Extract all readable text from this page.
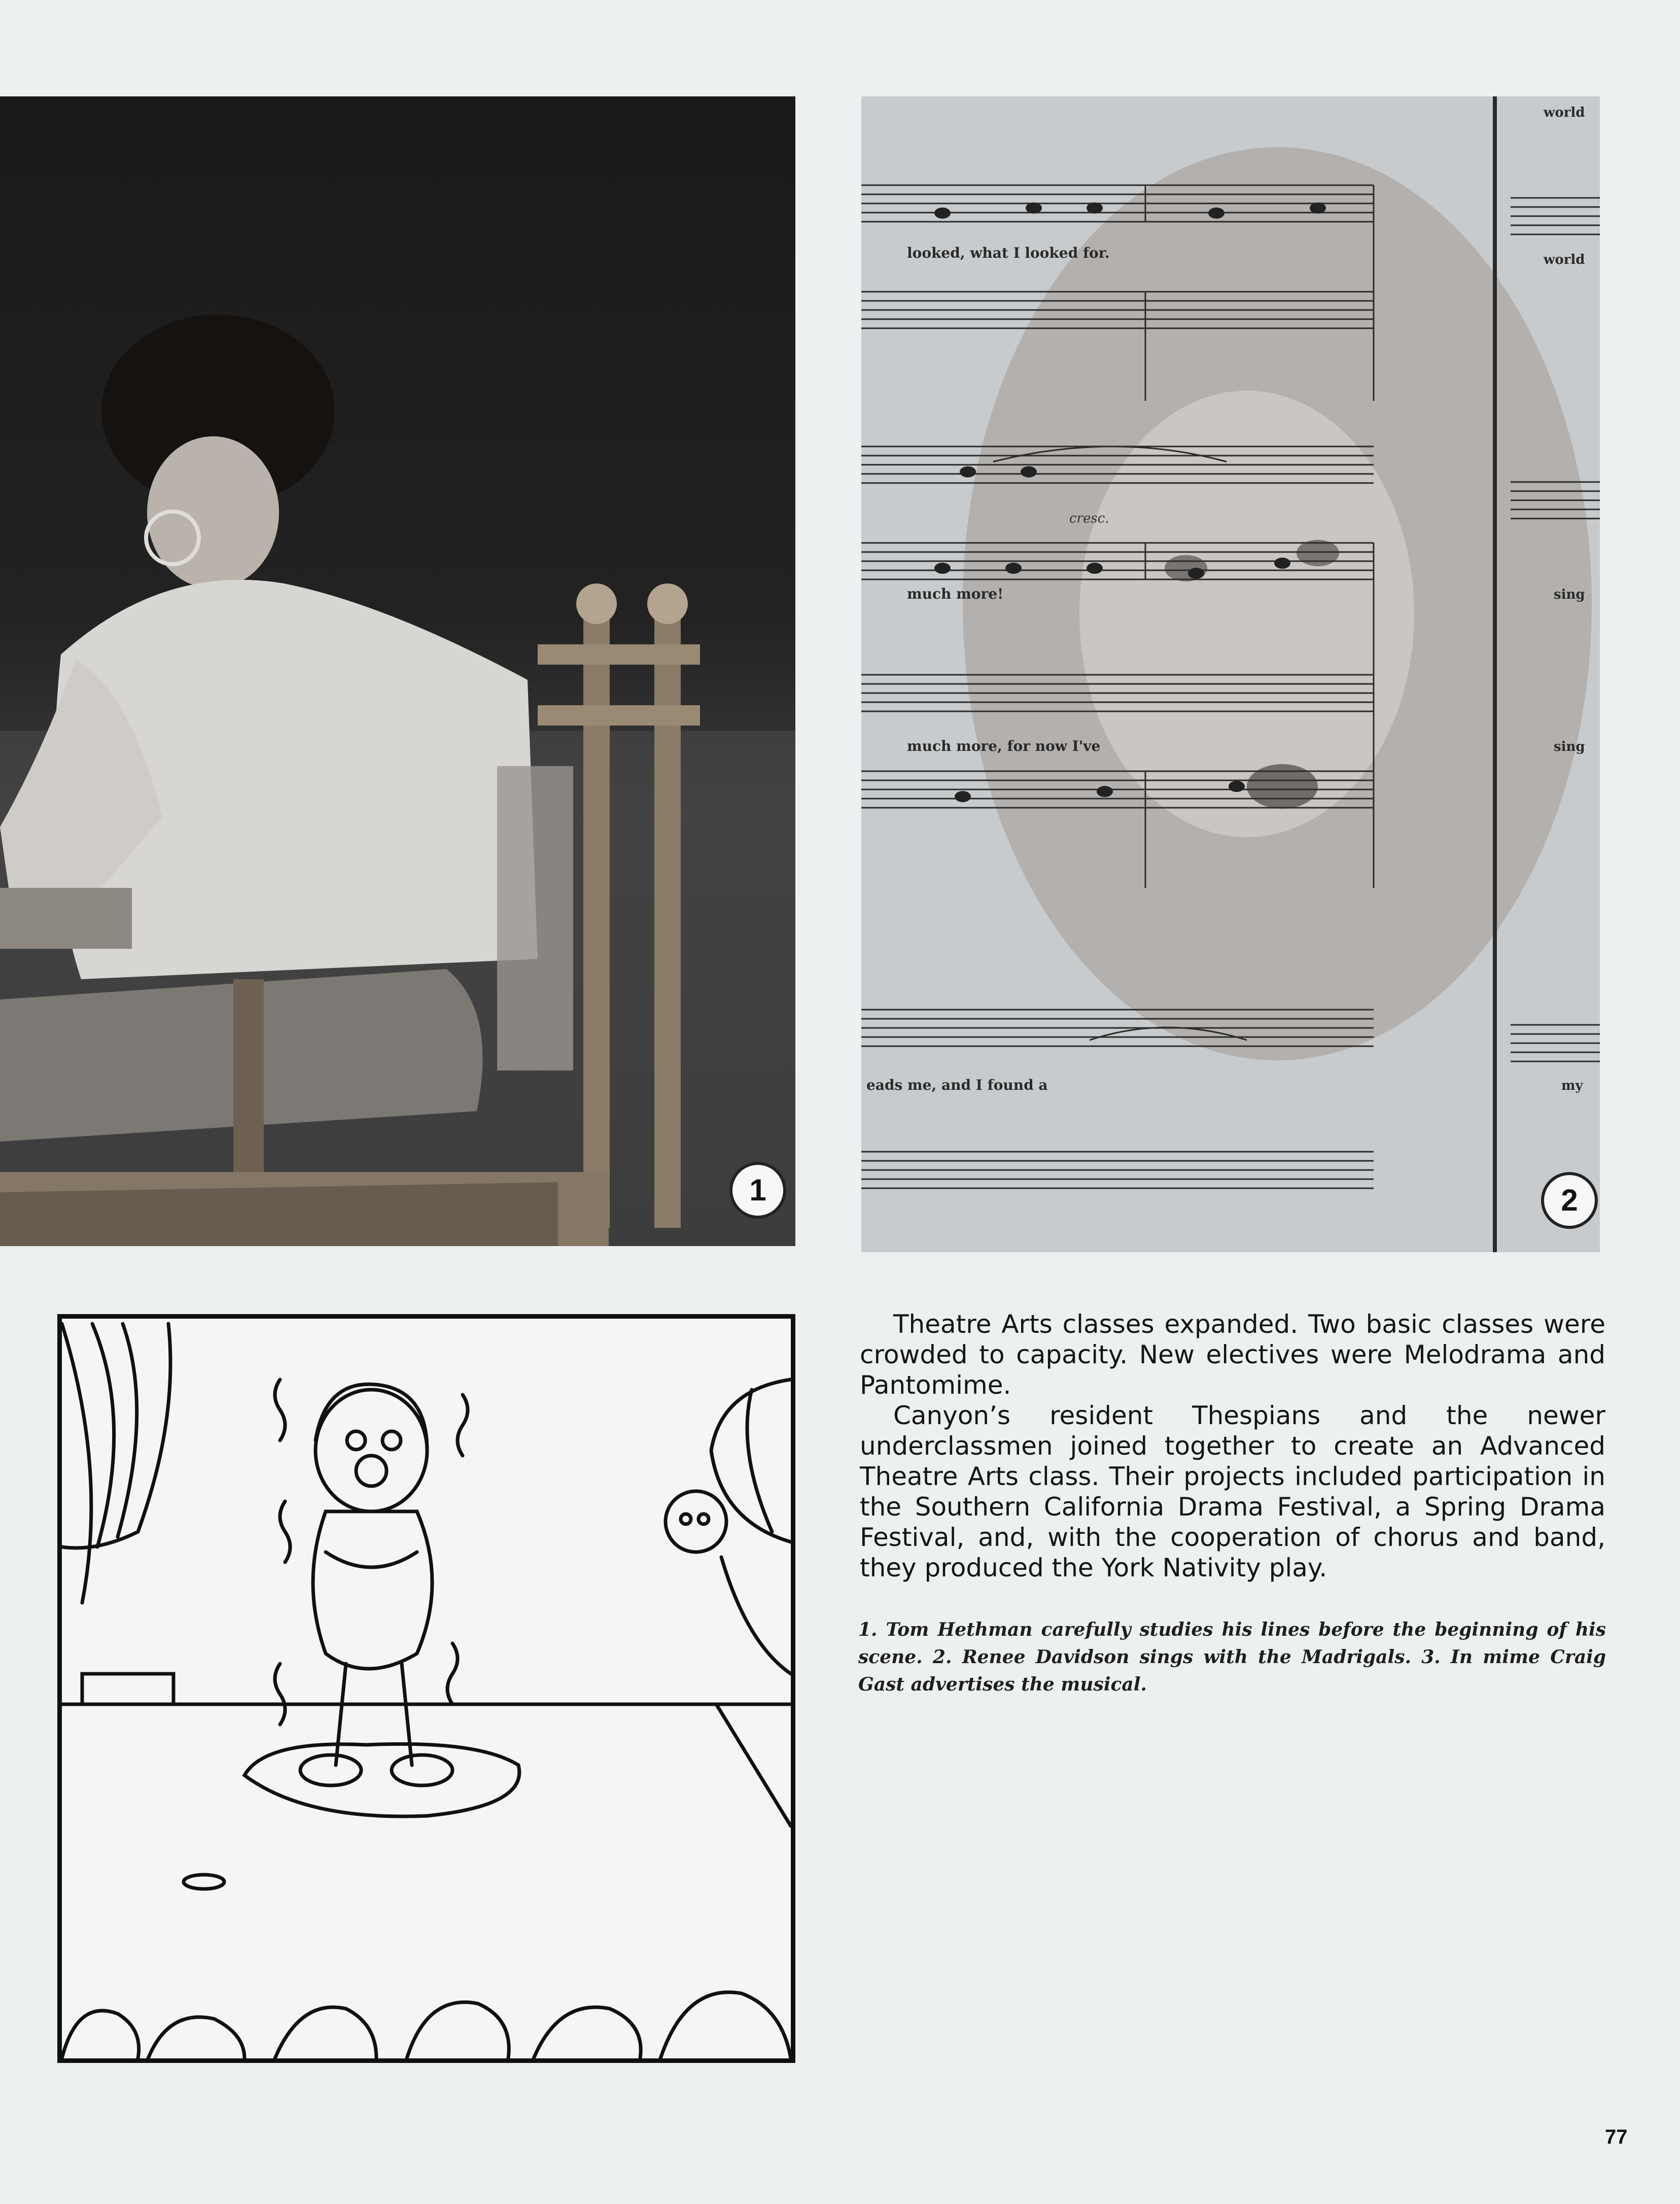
1
looked, what I looked for.
much more!
much more, for now I've
eads me, and I found a
cresc.
world
world
sing
sing
my
2

Theatre Arts classes expanded. Two basic classes were crowded to capacity. New electives were Melodrama and Pantomime.

Canyon’s resident Thespians and the newer underclassmen joined together to create an Advanced Theatre Arts class. Their projects included participation in the Southern California Drama Festival, a Spring Drama Festival, and, with the cooperation of chorus and band, they produced the York Nativity play.

1. Tom Hethman carefully studies his lines before the beginning of his scene. 2. Renee Davidson sings with the Madrigals. 3. In mime Craig Gast advertises the musical.

77
